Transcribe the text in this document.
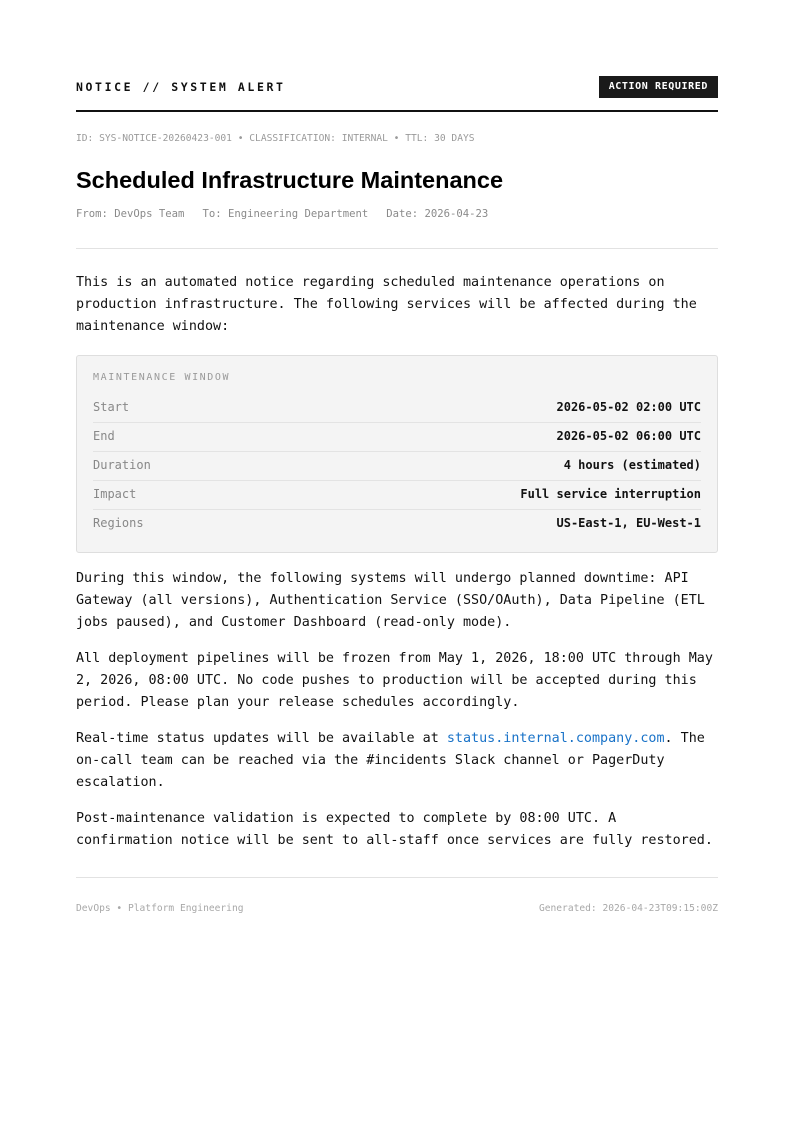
NOTICE // SYSTEM ALERT	ACTION REQUIRED
ID: SYS-NOTICE-20260423-001 • CLASSIFICATION: INTERNAL • TTL: 30 DAYS
Scheduled Infrastructure Maintenance
From: DevOps Team To: Engineering Department Date: 2026-04-23

This is an automated notice regarding scheduled maintenance operations on production infrastructure. The following services will be affected during the maintenance window:

MAINTENANCE WINDOW
Start	2026-05-02 02:00 UTC
End	2026-05-02 06:00 UTC
Duration	4 hours (estimated)
Impact	Full service interruption
Regions	US-East-1, EU-West-1

During this window, the following systems will undergo planned downtime: API Gateway (all versions), Authentication Service (SSO/OAuth), Data Pipeline (ETL jobs paused), and Customer Dashboard (read-only mode).

All deployment pipelines will be frozen from May 1, 2026, 18:00 UTC through May 2, 2026, 08:00 UTC. No code pushes to production will be accepted during this period. Please plan your release schedules accordingly.

Real-time status updates will be available at status.internal.company.com. The on-call team can be reached via the #incidents Slack channel or PagerDuty escalation.

Post-maintenance validation is expected to complete by 08:00 UTC. A confirmation notice will be sent to all-staff once services are fully restored.

DevOps • Platform Engineering	Generated: 2026-04-23T09:15:00Z
